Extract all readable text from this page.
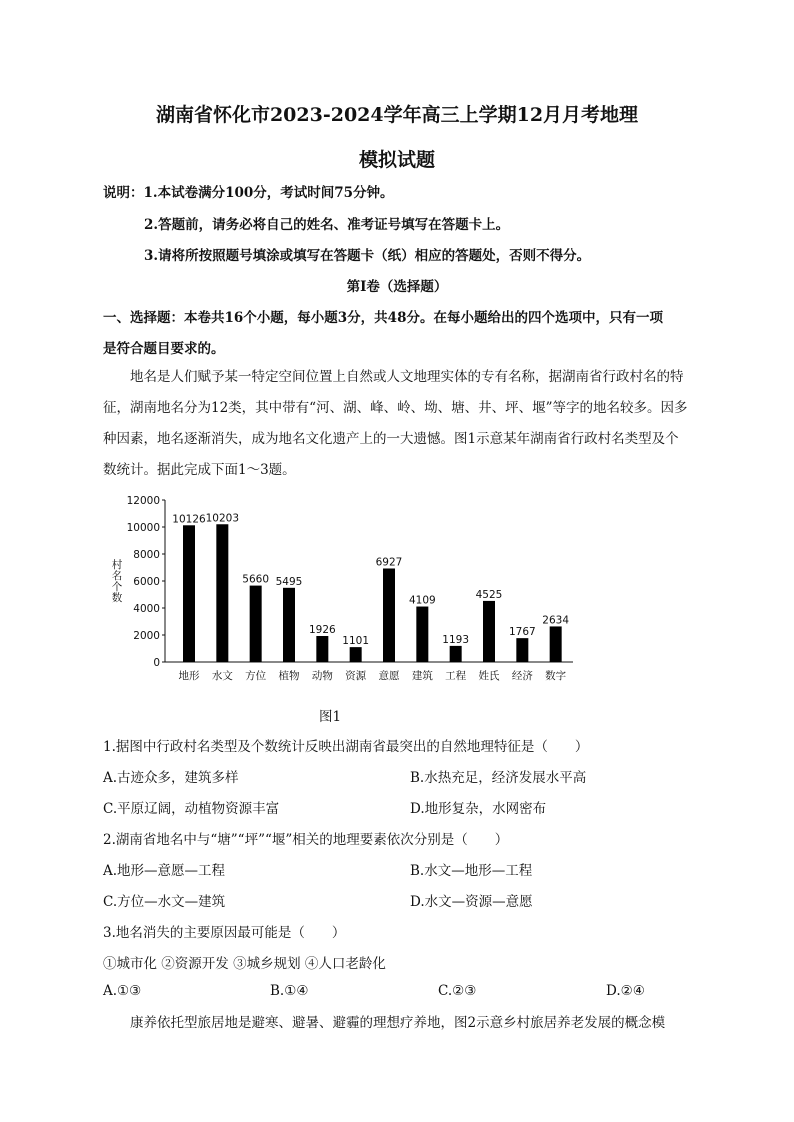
湖南省怀化市2023-2024学年高三上学期12月月考地理
模拟试题
说明：1.本试卷满分100分，考试时间75分钟。
2.答题前，请务必将自己的姓名、准考证号填写在答题卡上。
3.请将所按照题号填涂或填写在答题卡（纸）相应的答题处，否则不得分。
第Ⅰ卷（选择题）
一、选择题：本卷共16个小题，每小题3分，共48分。在每小题给出的四个选项中，只有一项
是符合题目要求的。
地名是人们赋予某一特定空间位置上自然或人文地理实体的专有名称，据湖南省行政村名的特征，湖南地名分为12类，其中带有“河、湖、峰、岭、坳、塘、井、坪、堰”等字的地名较多。因多种因素，地名逐渐消失，成为地名文化遗产上的一大遗憾。图1示意某年湖南省行政村名类型及个数统计。据此完成下面1～3题。
0
2000
4000
6000
8000
10000
12000
村
名
个
数
10126
地形
10203
水文
5660
方位
5495
植物
1926
动物
1101
资源
6927
意愿
4109
建筑
1193
工程
4525
姓氏
1767
经济
2634
数字
图1
1.据图中行政村名类型及个数统计反映出湖南省最突出的自然地理特征是（　　）
A.古迹众多，建筑多样	B.水热充足，经济发展水平高
C.平原辽阔，动植物资源丰富	D.地形复杂，水网密布
2.湖南省地名中与“塘”“坪”“堰”相关的地理要素依次分别是（　　）
A.地形—意愿—工程	B.水文—地形—工程
C.方位—水文—建筑	D.水文—资源—意愿
3.地名消失的主要原因最可能是（　　）
①城市化 ②资源开发 ③城乡规划 ④人口老龄化
A.①③	B.①④	C.②③	D.②④
康养依托型旅居地是避寒、避暑、避霾的理想疗养地，图2示意乡村旅居养老发展的概念模
